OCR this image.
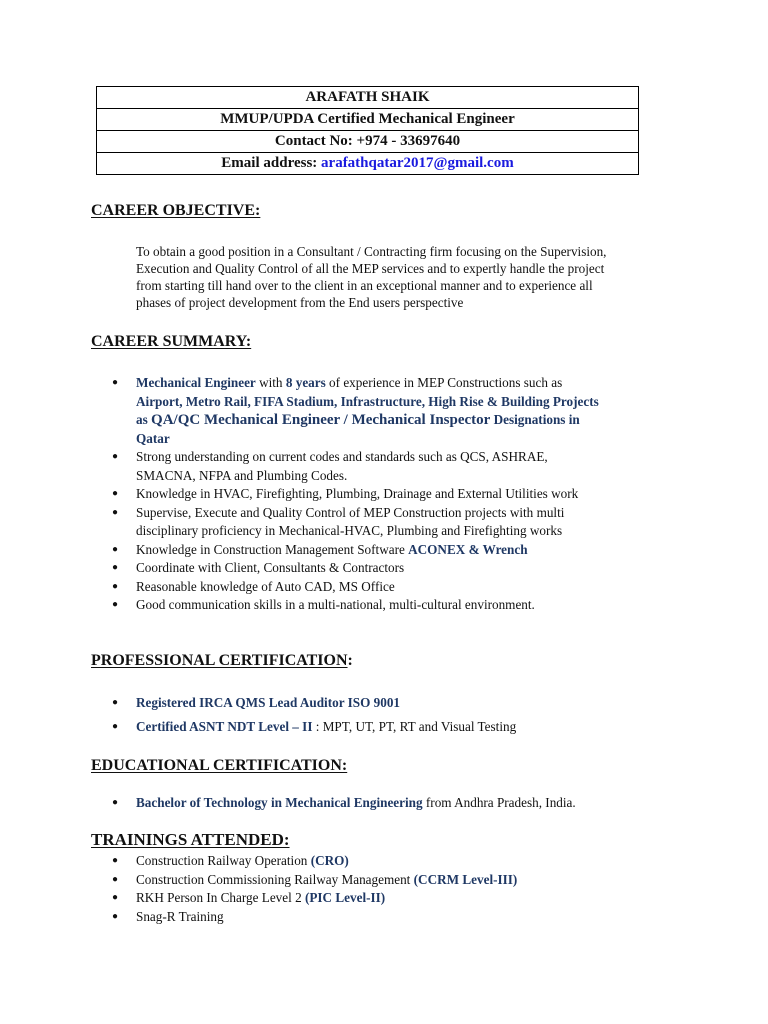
ARAFATH SHAIK
MMUP/UPDA Certified Mechanical Engineer
Contact No: +974 - 33697640
Email address: arafathqatar2017@gmail.com
CAREER OBJECTIVE:
To obtain a good position in a Consultant / Contracting firm focusing on the Supervision,
Execution and Quality Control of all the MEP services and to expertly handle the project
from starting till hand over to the client in an exceptional manner and to experience all
phases of project development from the End users perspective
CAREER SUMMARY:
● Mechanical Engineer with 8 years of experience in MEP Constructions such as
Airport, Metro Rail, FIFA Stadium, Infrastructure, High Rise & Building Projects
as QA/QC Mechanical Engineer / Mechanical Inspector Designations in
Qatar
● Strong understanding on current codes and standards such as QCS, ASHRAE,
SMACNA, NFPA and Plumbing Codes.
● Knowledge in HVAC, Firefighting, Plumbing, Drainage and External Utilities work
● Supervise, Execute and Quality Control of MEP Construction projects with multi
disciplinary proficiency in Mechanical-HVAC, Plumbing and Firefighting works
● Knowledge in Construction Management Software ACONEX & Wrench
● Coordinate with Client, Consultants & Contractors
● Reasonable knowledge of Auto CAD, MS Office
● Good communication skills in a multi-national, multi-cultural environment.
PROFESSIONAL CERTIFICATION:
● Registered IRCA QMS Lead Auditor ISO 9001
● Certified ASNT NDT Level – II : MPT, UT, PT, RT and Visual Testing
EDUCATIONAL CERTIFICATION:
● Bachelor of Technology in Mechanical Engineering from Andhra Pradesh, India.
TRAININGS ATTENDED:
● Construction Railway Operation (CRO)
● Construction Commissioning Railway Management (CCRM Level-III)
● RKH Person In Charge Level 2 (PIC Level-II)
● Snag-R Training
